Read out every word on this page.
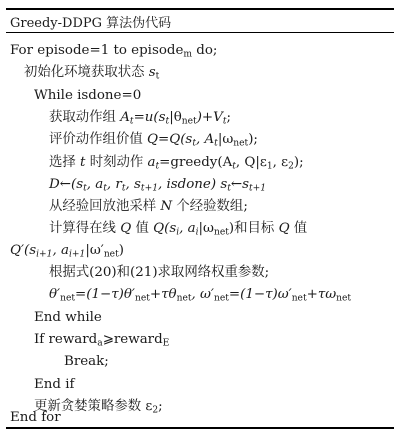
Greedy-DDPG 算法伪代码
For episode=1 to episode$_m$ do;
初始化环境获取状态 $s_t$
While isdone=0
获取动作组 $A_t=u(s_t|\theta_{net})+V_t$;
评价动作组价值 $Q=Q(s_t$, $A_t|\omega_{net}$);
选择 t 时刻动作 $a_t=greedy(A_t$, $Q|\varepsilon_1$, $\varepsilon_2$);
$D\leftarrow(s_t$, $a_t$, $r_t$, $s_{t+1}$, isdone) $s_t\leftarrow s_{t+1}$
从经验回放池采样 N 个经验数组;
计算得在线 Q 值 $Q(s_i$, $a_i|\omega_{net}$)和目标 Q 值
$Q'(s_{i+1}$, $a_{i+1}|\omega'_{net}$)
根据式(20)和(21)求取网络权重参数;
$\theta'_{net}=(1-\tau)\theta'_{net}+\tau\theta_{net}$, $\omega'_{net}=(1-\tau)\omega'_{net}+\tau\omega_{net}$
End while
If reward$_a$⩾reward$_E$
Break;
End if
更新贪婪策略参数 $\varepsilon_2$;
End for
